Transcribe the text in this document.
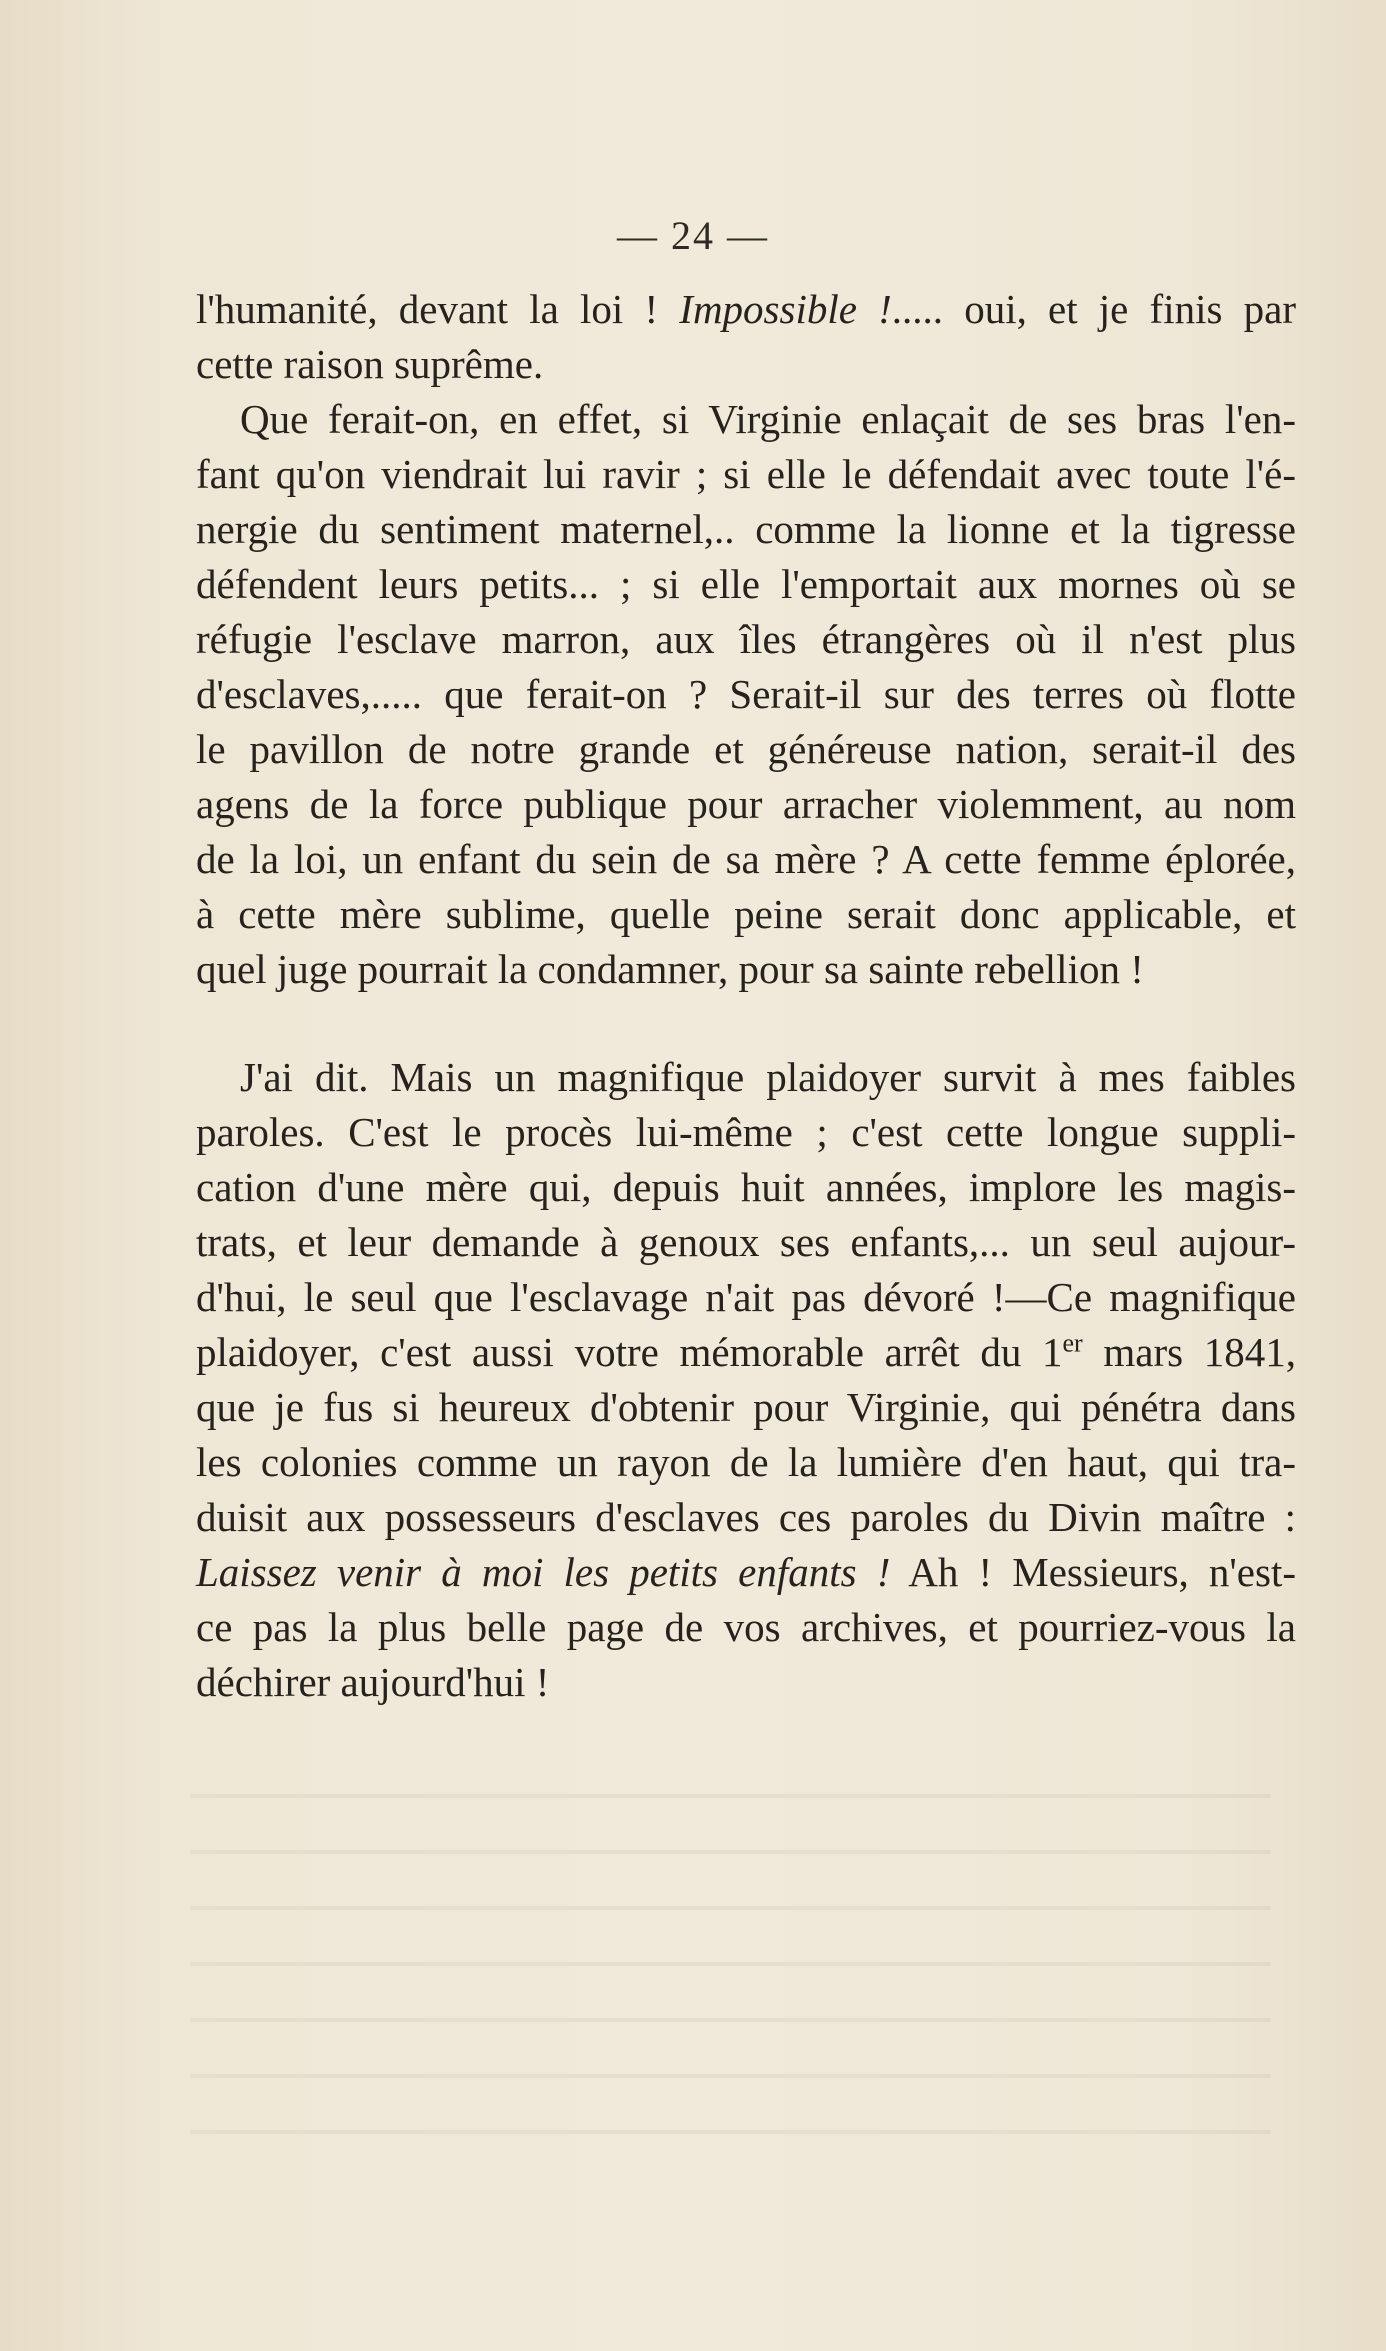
— 24 —
l'humanité, devant la loi ! Impossible !..... oui, et je finis par
cette raison suprême.
Que ferait-on, en effet, si Virginie enlaçait de ses bras l'en-
fant qu'on viendrait lui ravir ; si elle le défendait avec toute l'é-
nergie du sentiment maternel,.. comme la lionne et la tigresse
défendent leurs petits... ; si elle l'emportait aux mornes où se
réfugie l'esclave marron, aux îles étrangères où il n'est plus
d'esclaves,..... que ferait-on ? Serait-il sur des terres où flotte
le pavillon de notre grande et généreuse nation, serait-il des
agens de la force publique pour arracher violemment, au nom
de la loi, un enfant du sein de sa mère ? A cette femme éplorée,
à cette mère sublime, quelle peine serait donc applicable, et
quel juge pourrait la condamner, pour sa sainte rebellion !
J'ai dit. Mais un magnifique plaidoyer survit à mes faibles
paroles. C'est le procès lui-même ; c'est cette longue suppli-
cation d'une mère qui, depuis huit années, implore les magis-
trats, et leur demande à genoux ses enfants,... un seul aujour-
d'hui, le seul que l'esclavage n'ait pas dévoré !—Ce magnifique
plaidoyer, c'est aussi votre mémorable arrêt du 1er mars 1841,
que je fus si heureux d'obtenir pour Virginie, qui pénétra dans
les colonies comme un rayon de la lumière d'en haut, qui tra-
duisit aux possesseurs d'esclaves ces paroles du Divin maître :
Laissez venir à moi les petits enfants ! Ah ! Messieurs, n'est-
ce pas la plus belle page de vos archives, et pourriez-vous la
déchirer aujourd'hui !
